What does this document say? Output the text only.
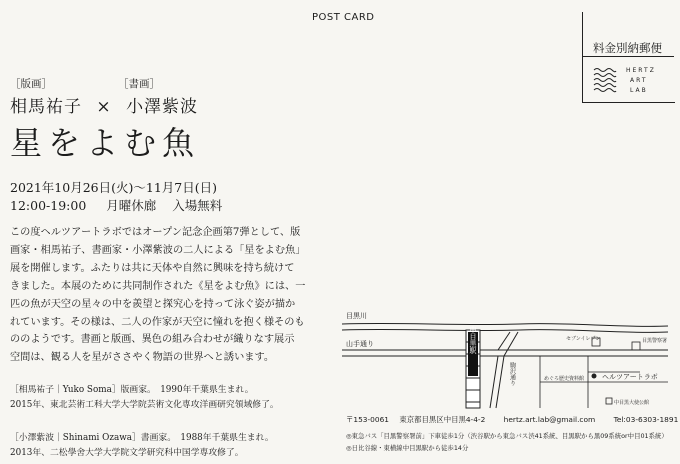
POST CARD
料金別納郵便
HERTZ
ART
LAB
［版画］	［書画］
相馬祐子 × 小澤紫波
星をよむ魚
2021年10月26日(火)～11月7日(日)
12:00-19:00 月曜休廊 入場無料

この度ヘルツアートラボではオープン記念企画第7弾として、版

画家・相馬祐子、書画家・小澤紫波の二人による「星をよむ魚」

展を開催します。ふたりは共に天体や自然に興味を持ち続けて

きました。本展のために共同制作された《星をよむ魚》には、一

匹の魚が天空の星々の中を羨望と探究心を持って泳ぐ姿が描か

れています。その様は、二人の作家が天空に憧れを抱く様そのも

ののようです。書画と版画、異色の組み合わせが織りなす展示

空間は、観る人を星がささやく物語の世界へと誘います。

［相馬祐子｜Yuko Soma］版画家。　1990年千葉県生まれ。

2015年、東北芸術工科大学大学院芸術文化専攻洋画研究領域修了。

［小澤紫波｜Shinami Ozawa］書画家。　1988年千葉県生まれ。

2013年、二松學舍大学大学院文学研究科中国学専攻修了。

中目黒駅
目黒川
山手通り
駒沢通り
セブンイレブン	目黒警察署
めぐろ歴史資料館	ヘルツアートラボ
中目黒大使公館
〒153-0061 東京都目黒区中目黒4-4-2 hertz.art.lab@gmail.com Tel:03-6303-1891
◎東急バス「目黒警察署前」下車徒歩1分（渋谷駅から東急バス渋41系統、目黒駅から黒09系統or中目01系統）
◎日比谷線・東横線中目黒駅から徒歩14分
